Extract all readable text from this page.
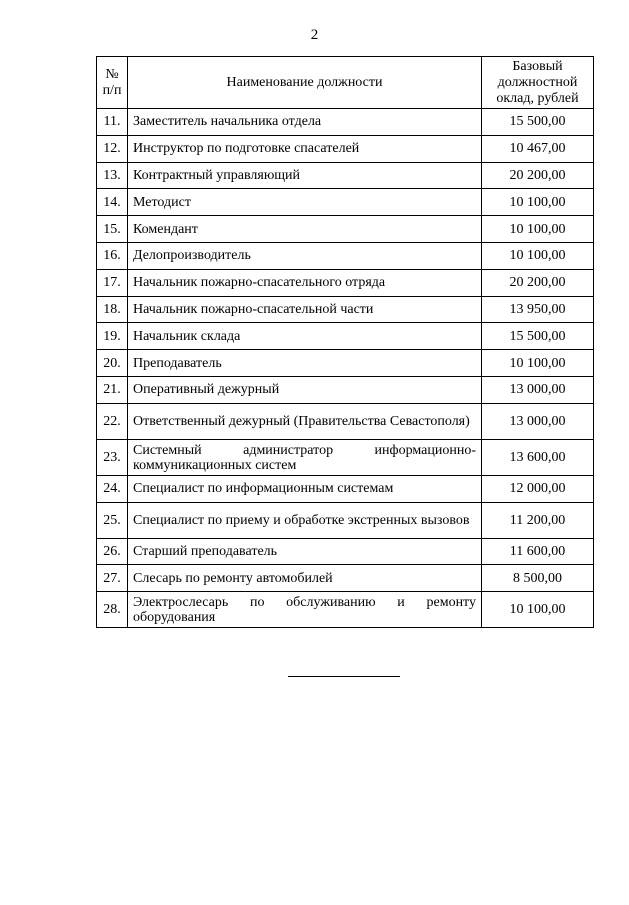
2
№ п/п	Наименование должности	Базовый должностной оклад, рублей
11.	Заместитель начальника отдела	15 500,00
12.	Инструктор по подготовке спасателей	10 467,00
13.	Контрактный управляющий	20 200,00
14.	Методист	10 100,00
15.	Комендант	10 100,00
16.	Делопроизводитель	10 100,00
17.	Начальник пожарно-спасательного отряда	20 200,00
18.	Начальник пожарно-спасательной части	13 950,00
19.	Начальник склада	15 500,00
20.	Преподаватель	10 100,00
21.	Оперативный дежурный	13 000,00
22.	Ответственный дежурный (Правительства Севастополя)	13 000,00
23.	Системный администратор информационно-коммуникационных систем	13 600,00
24.	Специалист по информационным системам	12 000,00
25.	Специалист по приему и обработке экстренных вызовов	11 200,00
26.	Старший преподаватель	11 600,00
27.	Слесарь по ремонту автомобилей	8 500,00
28.	Электрослесарь по обслуживанию и ремонту оборудования	10 100,00
